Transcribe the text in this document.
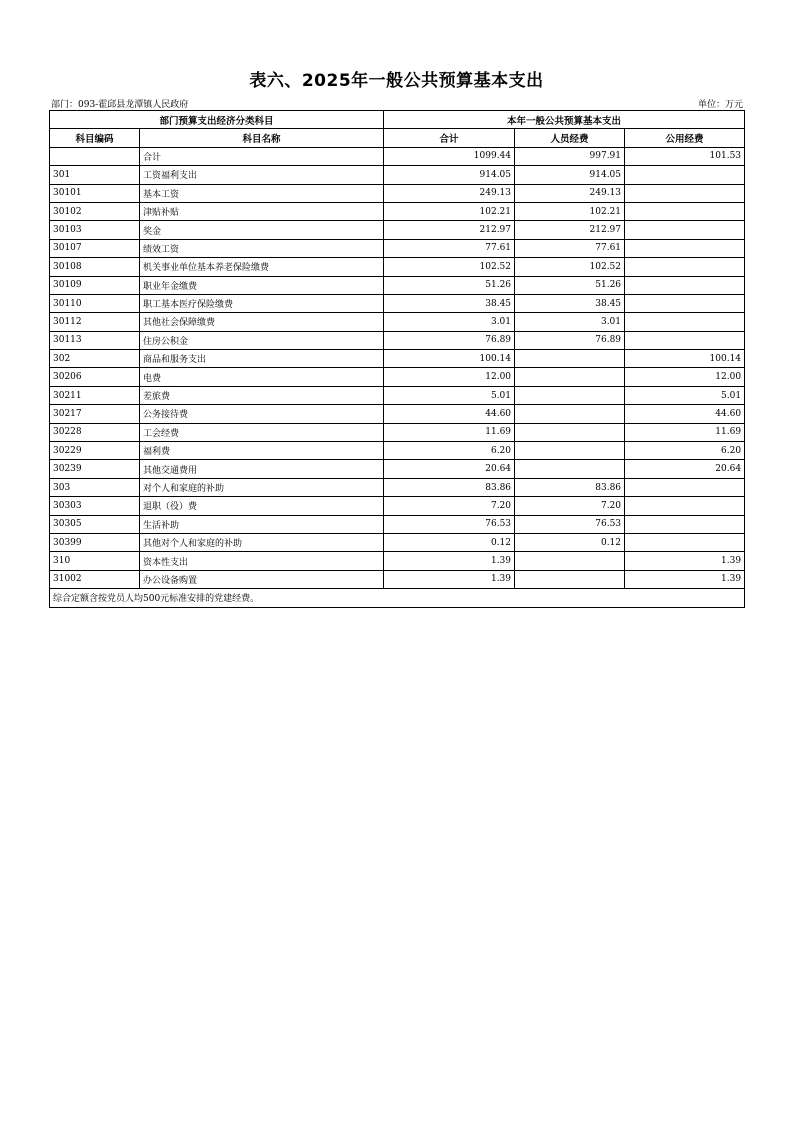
表六、2025年一般公共预算基本支出
部门：093-霍邱县龙潭镇人民政府	单位：万元
部门预算支出经济分类科目		本年一般公共预算基本支出		
科目编码	科目名称	合计	人员经费	公用经费
	合计	1099.44	997.91	101.53
301	工资福利支出	914.05	914.05	
30101	基本工资	249.13	249.13	
30102	津贴补贴	102.21	102.21	
30103	奖金	212.97	212.97	
30107	绩效工资	77.61	77.61	
30108	机关事业单位基本养老保险缴费	102.52	102.52	
30109	职业年金缴费	51.26	51.26	
30110	职工基本医疗保险缴费	38.45	38.45	
30112	其他社会保障缴费	3.01	3.01	
30113	住房公积金	76.89	76.89	
302	商品和服务支出	100.14		100.14
30206	电费	12.00		12.00
30211	差旅费	5.01		5.01
30217	公务接待费	44.60		44.60
30228	工会经费	11.69		11.69
30229	福利费	6.20		6.20
30239	其他交通费用	20.64		20.64
303	对个人和家庭的补助	83.86	83.86	
30303	退职（役）费	7.20	7.20	
30305	生活补助	76.53	76.53	
30399	其他对个人和家庭的补助	0.12	0.12	
310	资本性支出	1.39		1.39
31002	办公设备购置	1.39		1.39
综合定额含按党员人均500元标准安排的党建经费。				
